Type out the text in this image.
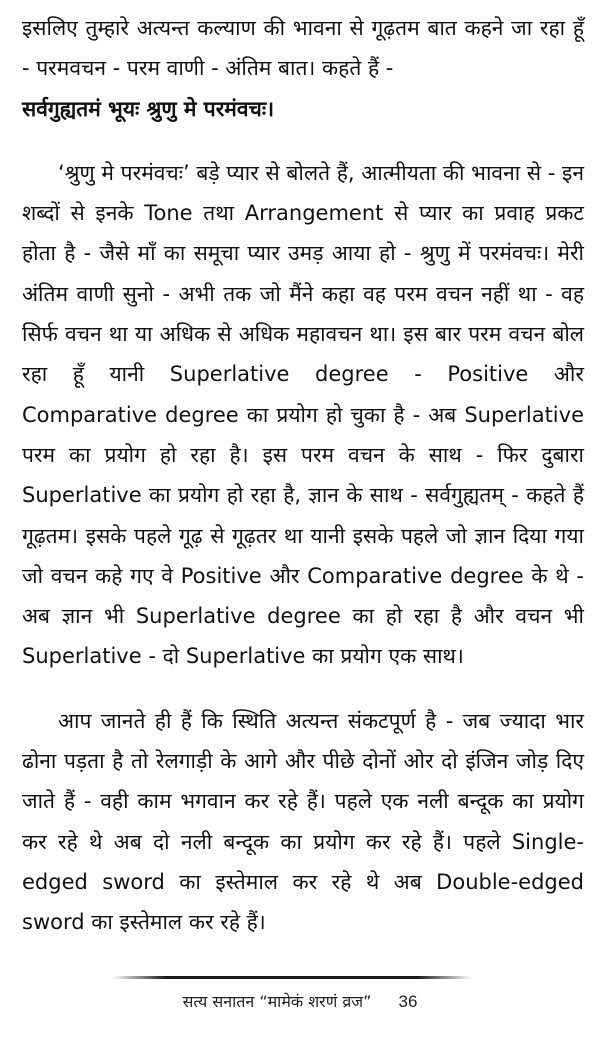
इसलिए तुम्हारे अत्यन्त कल्याण की भावना से गूढ़तम बात कहने जा रहा हूँ - परमवचन - परम वाणी - अंतिम बात। कहते हैं -
सर्वगुह्यतमं भूयः श्रुणु मे परमंवचः।

‘श्रुणु मे परमंवचः’ बड़े प्यार से बोलते हैं, आत्मीयता की भावना से - इन शब्दों से इनके Tone तथा Arrangement से प्यार का प्रवाह प्रकट होता है - जैसे माँ का समूचा प्यार उमड़ आया हो - श्रुणु में परमंवचः। मेरी अंतिम वाणी सुनो - अभी तक जो मैंने कहा वह परम वचन नहीं था - वह सिर्फ वचन था या अधिक से अधिक महावचन था। इस बार परम वचन बोल रहा हूँ यानी Superlative degree - Positive और Comparative degree का प्रयोग हो चुका है - अब Superlative परम का प्रयोग हो रहा है। इस परम वचन के साथ - फिर दुबारा Superlative का प्रयोग हो रहा है, ज्ञान के साथ - सर्वगुह्यतम् - कहते हैं गूढ़तम। इसके पहले गूढ़ से गूढ़तर था यानी इसके पहले जो ज्ञान दिया गया जो वचन कहे गए वे Positive और Comparative degree के थे - अब ज्ञान भी Superlative degree का हो रहा है और वचन भी Superlative - दो Superlative का प्रयोग एक साथ।

आप जानते ही हैं कि स्थिति अत्यन्त संकटपूर्ण है - जब ज्यादा भार ढोना पड़ता है तो रेलगाड़ी के आगे और पीछे दोनों ओर दो इंजिन जोड़ दिए जाते हैं - वही काम भगवान कर रहे हैं। पहले एक नली बन्दूक का प्रयोग कर रहे थे अब दो नली बन्दूक का प्रयोग कर रहे हैं। पहले Single-edged sword का इस्तेमाल कर रहे थे अब Double-edged sword का इस्तेमाल कर रहे हैं।

सत्य सनातन “मामेकं शरणं व्रज” 36
